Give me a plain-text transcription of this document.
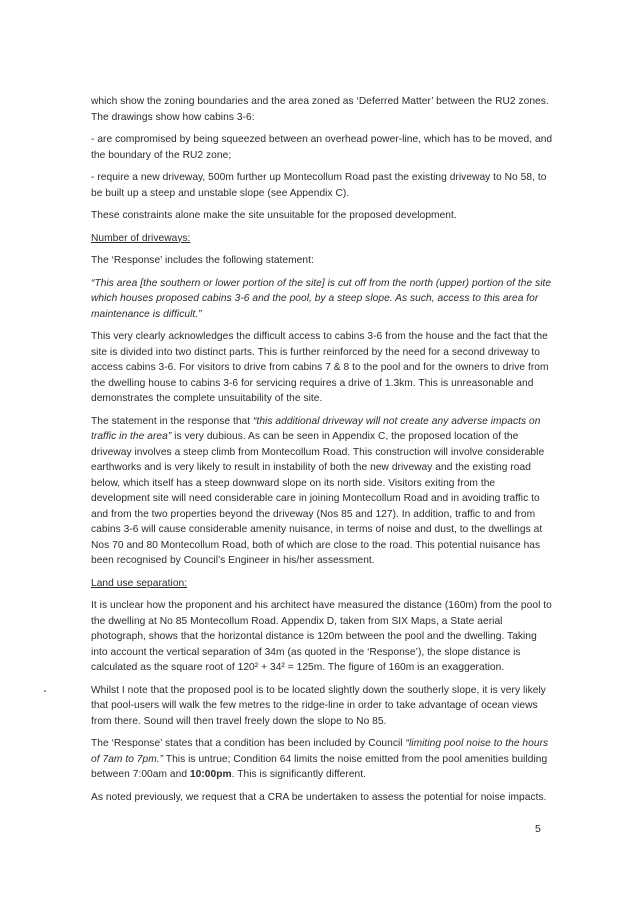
which show the zoning boundaries and the area zoned as ‘Deferred Matter’ between the RU2 zones. The drawings show how cabins 3-6:

- are compromised by being squeezed between an overhead power-line, which has to be moved, and the boundary of the RU2 zone;

- require a new driveway, 500m further up Montecollum Road past the existing driveway to No 58, to be built up a steep and unstable slope (see Appendix C).

These constraints alone make the site unsuitable for the proposed development.

Number of driveways:

The ‘Response’ includes the following statement:

“This area [the southern or lower portion of the site] is cut off from the north (upper) portion of the site which houses proposed cabins 3-6 and the pool, by a steep slope. As such, access to this area for maintenance is difficult.”

This very clearly acknowledges the difficult access to cabins 3-6 from the house and the fact that the site is divided into two distinct parts. This is further reinforced by the need for a second driveway to access cabins 3-6. For visitors to drive from cabins 7 & 8 to the pool and for the owners to drive from the dwelling house to cabins 3-6 for servicing requires a drive of 1.3km. This is unreasonable and demonstrates the complete unsuitability of the site.

The statement in the response that “this additional driveway will not create any adverse impacts on traffic in the area” is very dubious. As can be seen in Appendix C, the proposed location of the driveway involves a steep climb from Montecollum Road. This construction will involve considerable earthworks and is very likely to result in instability of both the new driveway and the existing road below, which itself has a steep downward slope on its north side. Visitors exiting from the development site will need considerable care in joining Montecollum Road and in avoiding traffic to and from the two properties beyond the driveway (Nos 85 and 127). In addition, traffic to and from cabins 3-6 will cause considerable amenity nuisance, in terms of noise and dust, to the dwellings at Nos 70 and 80 Montecollum Road, both of which are close to the road. This potential nuisance has been recognised by Council’s Engineer in his/her assessment.

Land use separation:

It is unclear how the proponent and his architect have measured the distance (160m) from the pool to the dwelling at No 85 Montecollum Road. Appendix D, taken from SIX Maps, a State aerial photograph, shows that the horizontal distance is 120m between the pool and the dwelling. Taking into account the vertical separation of 34m (as quoted in the ‘Response’), the slope distance is calculated as the square root of 120² + 34² = 125m. The figure of 160m is an exaggeration.

Whilst I note that the proposed pool is to be located slightly down the southerly slope, it is very likely that pool-users will walk the few metres to the ridge-line in order to take advantage of ocean views from there. Sound will then travel freely down the slope to No 85.

The ‘Response’ states that a condition has been included by Council “limiting pool noise to the hours of 7am to 7pm.” This is untrue; Condition 64 limits the noise emitted from the pool amenities building between 7:00am and 10:00pm. This is significantly different.

As noted previously, we request that a CRA be undertaken to assess the potential for noise impacts.

5
